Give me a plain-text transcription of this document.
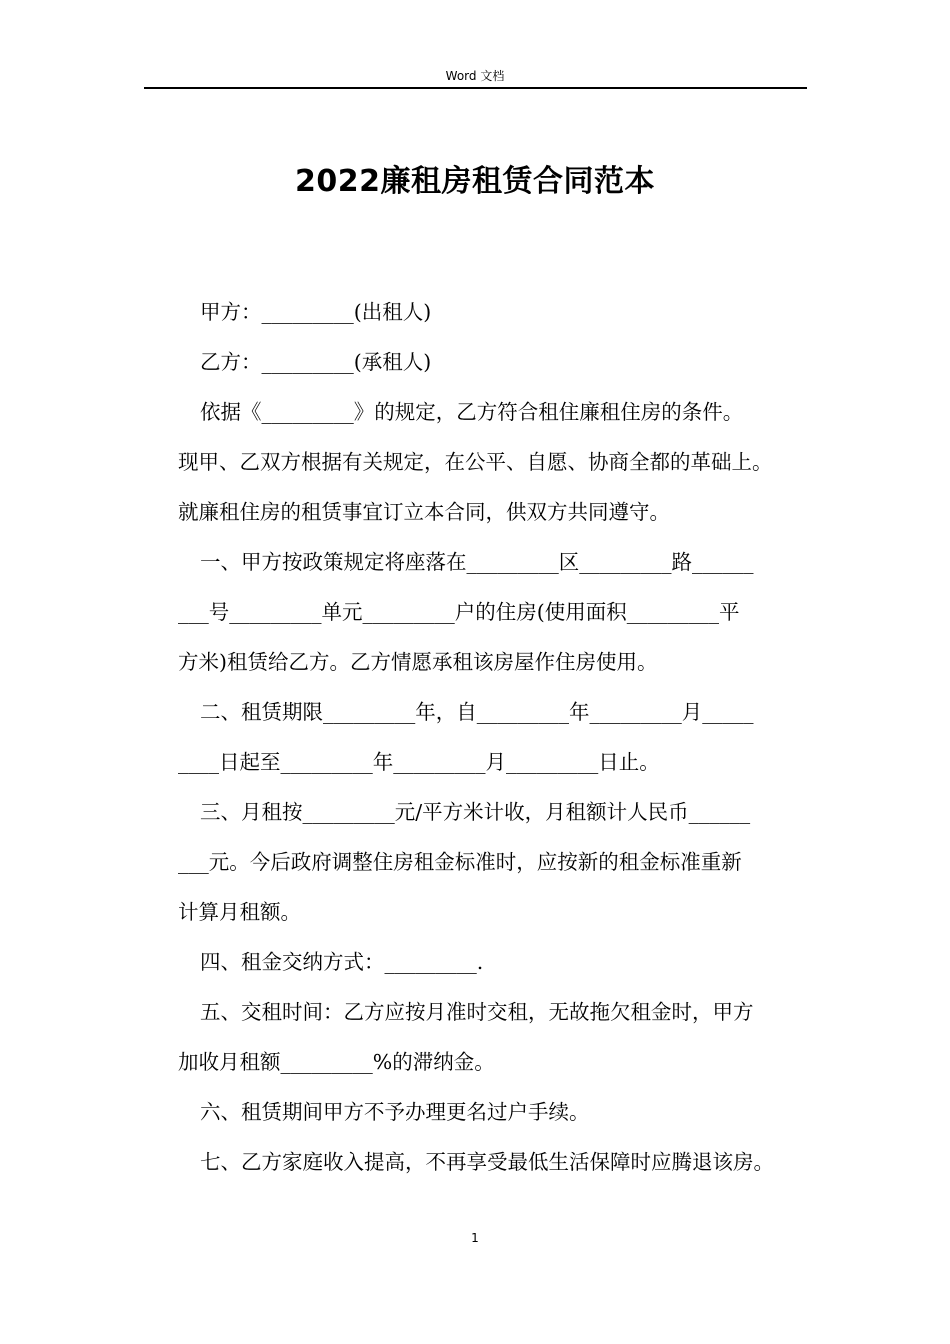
Word 文档
2022廉租房租赁合同范本
甲方：_________(出租人)
乙方：_________(承租人)
依据《_________》的规定，乙方符合租住廉租住房的条件。
现甲、乙双方根据有关规定，在公平、自愿、协商全都的革础上。
就廉租住房的租赁事宜订立本合同，供双方共同遵守。
一、甲方按政策规定将座落在_________区_________路______
___号_________单元_________户的住房(使用面积_________平
方米)租赁给乙方。乙方情愿承租该房屋作住房使用。
二、租赁期限_________年，自_________年_________月_____
____日起至_________年_________月_________日止。
三、月租按_________元/平方米计收，月租额计人民币______
___元。今后政府调整住房租金标准时，应按新的租金标准重新
计算月租额。
四、租金交纳方式：_________.
五、交租时间：乙方应按月准时交租，无故拖欠租金时，甲方
加收月租额_________%的滞纳金。
六、租赁期间甲方不予办理更名过户手续。
七、乙方家庭收入提高，不再享受最低生活保障时应腾退该房。
1
